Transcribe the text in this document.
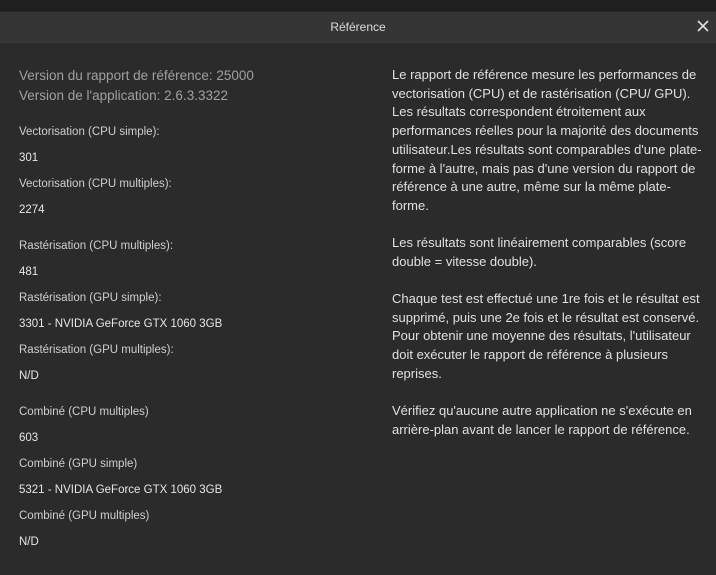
Référence
Version du rapport de référence: 25000
Version de l'application: 2.6.3.3322
Vectorisation (CPU simple):
301
Vectorisation (CPU multiples):
2274
Rastérisation (CPU multiples):
481
Rastérisation (GPU simple):
3301 - NVIDIA GeForce GTX 1060 3GB
Rastérisation (GPU multiples):
N/D
Combiné (CPU multiples)
603
Combiné (GPU simple)
5321 - NVIDIA GeForce GTX 1060 3GB
Combiné (GPU multiples)
N/D

Le rapport de référence mesure les performances de vectorisation (CPU) et de rastérisation (CPU/ GPU). Les résultats correspondent étroitement aux performances réelles pour la majorité des documents utilisateur.Les résultats sont comparables d'une plate-forme à l'autre, mais pas d'une version du rapport de référence à une autre, même sur la même plate-forme.

Les résultats sont linéairement comparables (score double = vitesse double).

Chaque test est effectué une 1re fois et le résultat est supprimé, puis une 2e fois et le résultat est conservé. Pour obtenir une moyenne des résultats, l'utilisateur doit exécuter le rapport de référence à plusieurs reprises.

Vérifiez qu'aucune autre application ne s'exécute en arrière-plan avant de lancer le rapport de référence.
